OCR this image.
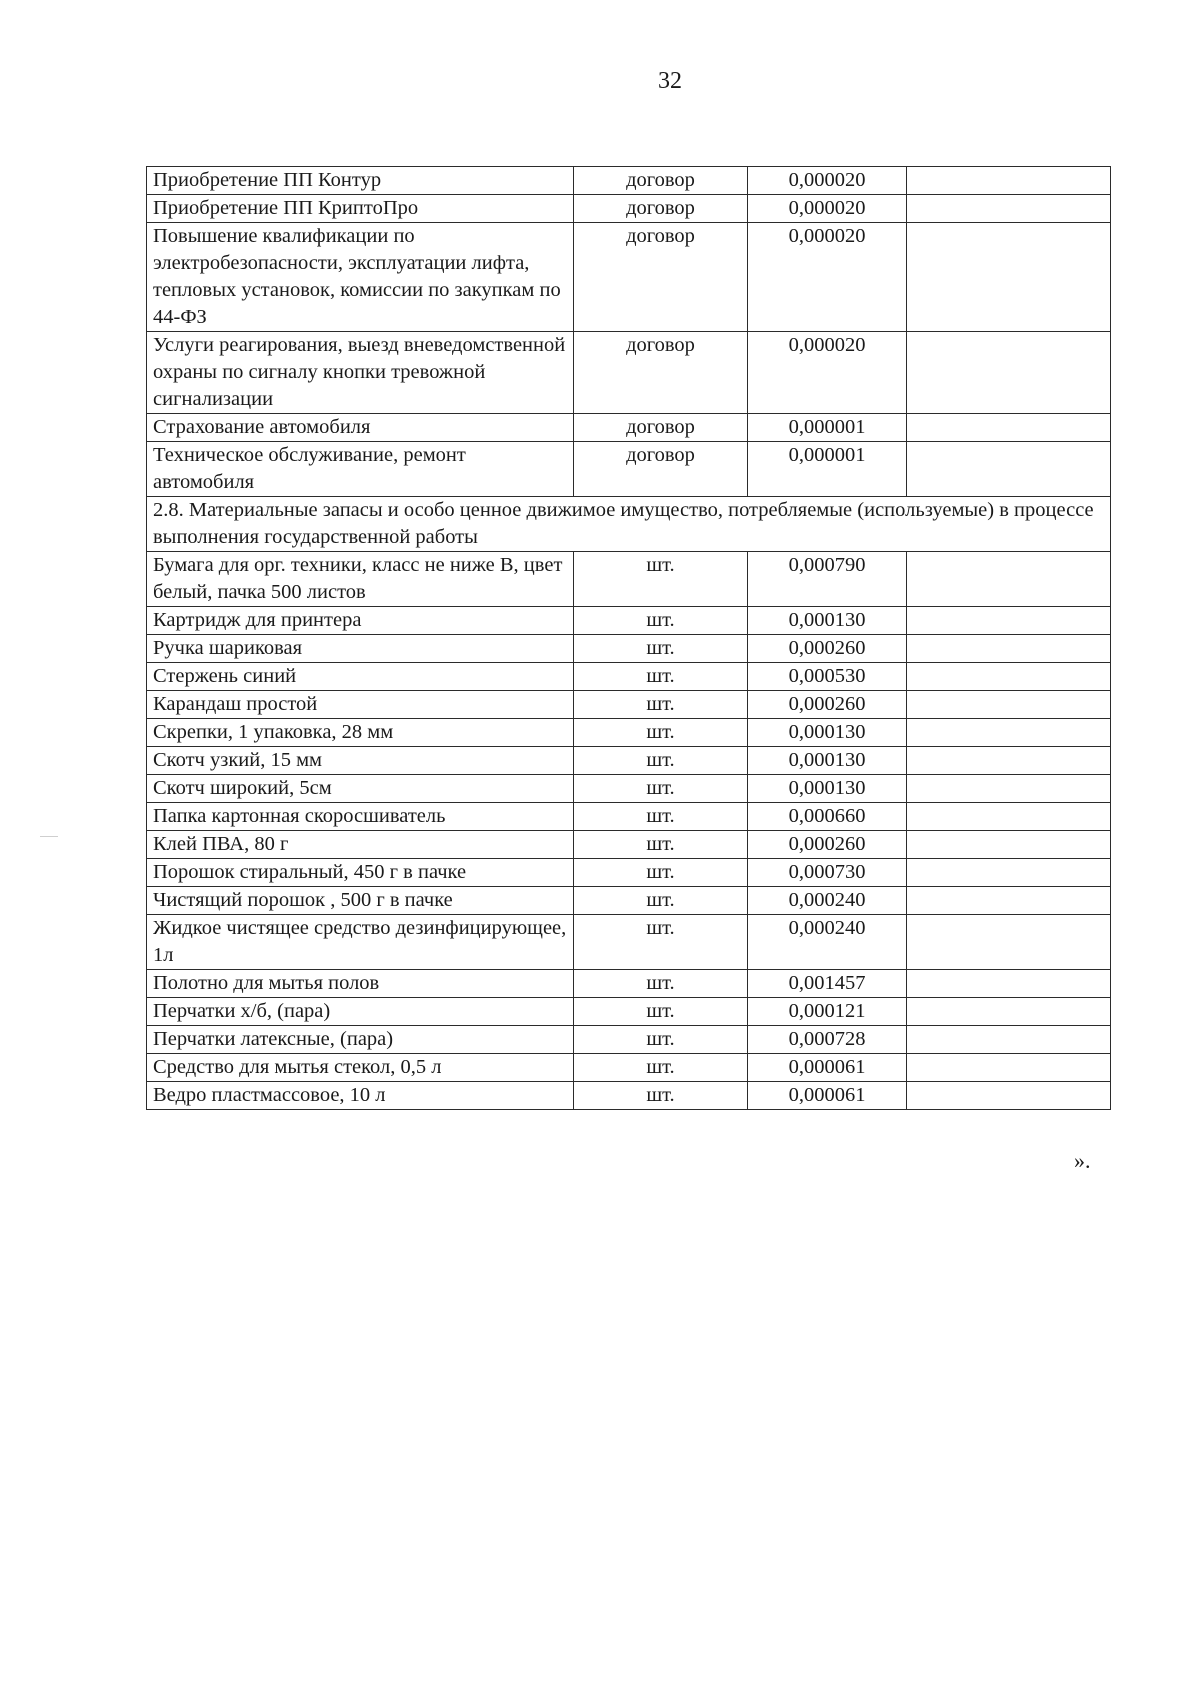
32
Приобретение ПП Контур	договор	0,000020	
Приобретение ПП КриптоПро	договор	0,000020	
Повышение квалификации по электробезопасности, эксплуатации лифта, тепловых установок, комиссии по закупкам по 44-ФЗ	договор	0,000020	
Услуги реагирования, выезд вневедомственной охраны по сигналу кнопки тревожной сигнализации	договор	0,000020	
Страхование автомобиля	договор	0,000001	
Техническое обслуживание, ремонт автомобиля	договор	0,000001	
2.8. Материальные запасы и особо ценное движимое имущество, потребляемые (используемые) в процессе выполнения государственной работы			
Бумага для орг. техники, класс не ниже В, цвет белый, пачка 500 листов	шт.	0,000790	
Картридж для принтера	шт.	0,000130	
Ручка шариковая	шт.	0,000260	
Стержень синий	шт.	0,000530	
Карандаш простой	шт.	0,000260	
Скрепки, 1 упаковка, 28 мм	шт.	0,000130	
Скотч узкий, 15 мм	шт.	0,000130	
Скотч широкий, 5см	шт.	0,000130	
Папка картонная скоросшиватель	шт.	0,000660	
Клей ПВА, 80 г	шт.	0,000260	
Порошок стиральный, 450 г в пачке	шт.	0,000730	
Чистящий порошок , 500 г в пачке	шт.	0,000240	
Жидкое чистящее средство дезинфицирующее, 1л	шт.	0,000240	
Полотно для мытья полов	шт.	0,001457	
Перчатки х/б, (пара)	шт.	0,000121	
Перчатки латексные, (пара)	шт.	0,000728	
Средство для мытья стекол, 0,5 л	шт.	0,000061	
Ведро пластмассовое, 10 л	шт.	0,000061	
».
